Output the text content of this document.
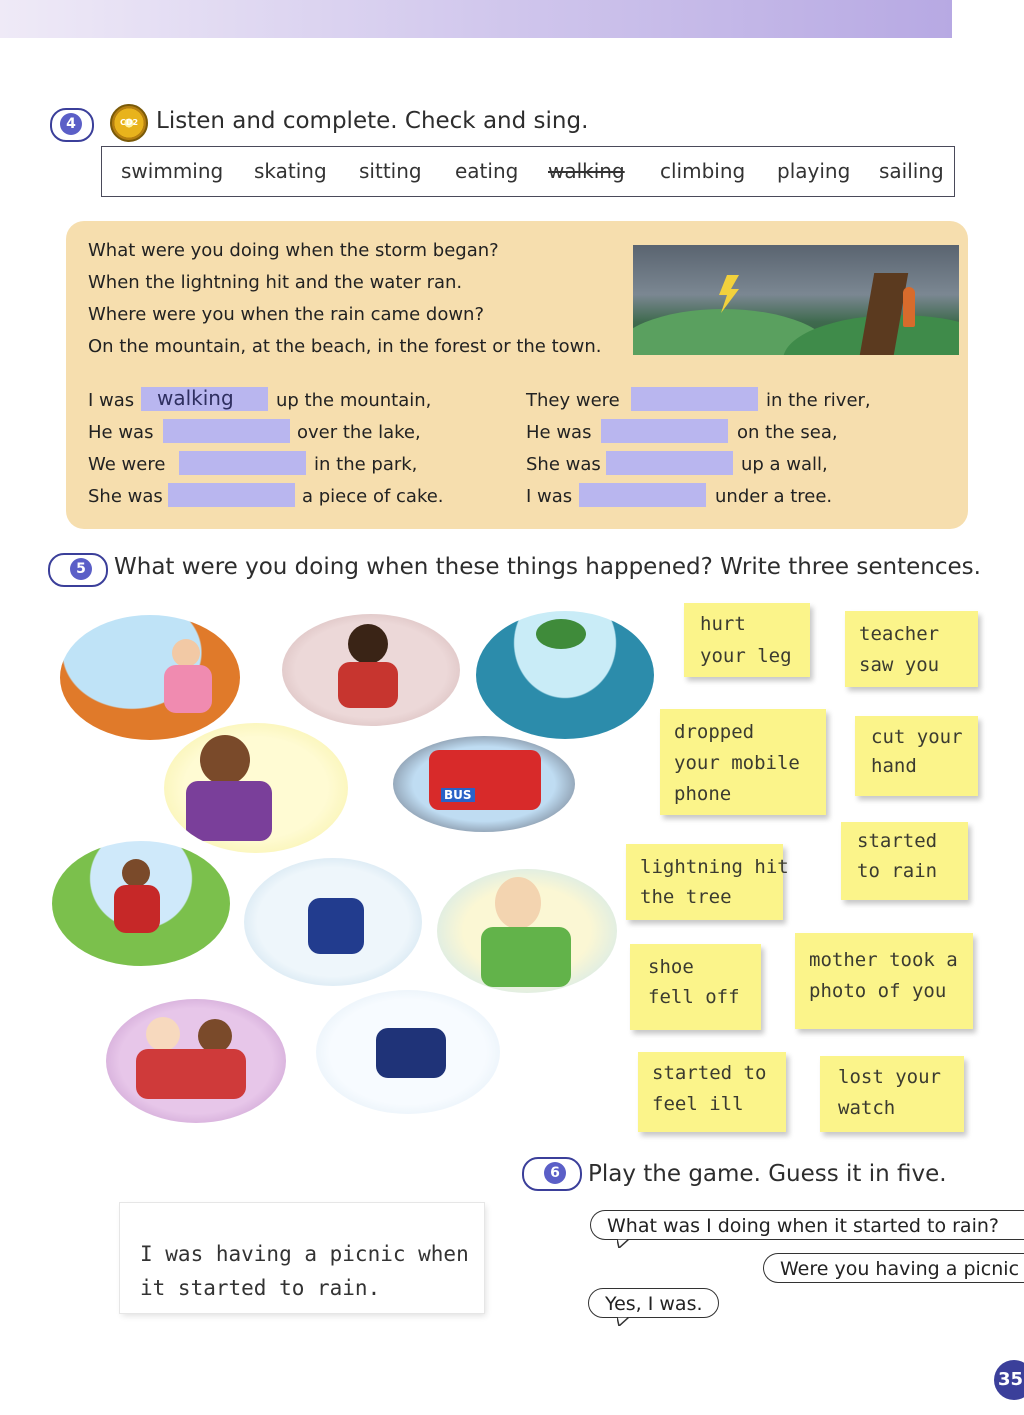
4	CD2 Listen and complete. Check and sing.
swimming skating sitting eating walking climbing playing sailing
What were you doing when the storm began?
When the lightning hit and the water ran.
Where were you when the rain came down?
On the mountain, at the beach, in the forest or the town.
I was walking up the mountain,
He was	over the lake,
We were	in the park,
She was	a piece of cake.
They were	in the river,
He was	on the sea,
She was	up a wall,
I was	under a tree.
5 What were you doing when these things happened? Write three sentences.
BUS
hurt
your leg
teacher
saw you
dropped
your mobile
phone
cut your
hand
started
to rain
lightning hit
the tree
shoe
fell off
mother took a
photo of you
started to
feel ill
lost your
watch
6 Play the game. Guess it in five.
I was having a picnic when
it started to rain.
What was I doing when it started to rain?
Were you having a picnic
Yes, I was.
35
